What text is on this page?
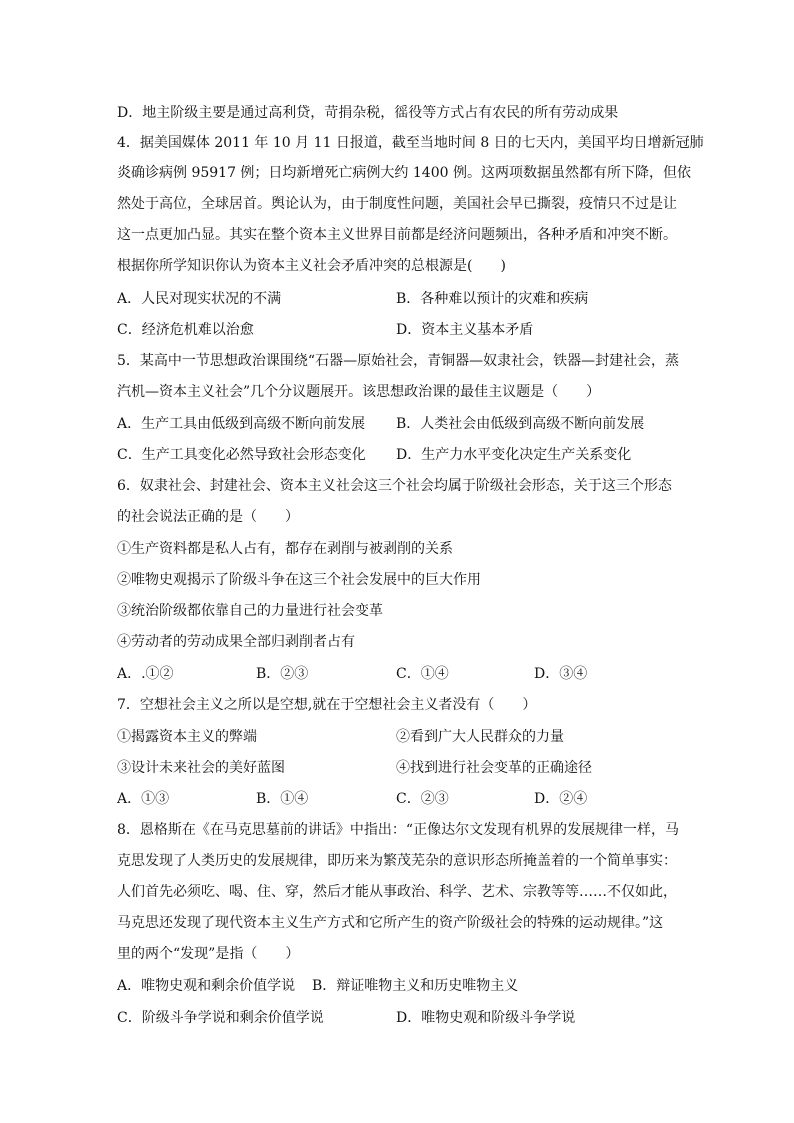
D．地主阶级主要是通过高利贷，苛捐杂税，徭役等方式占有农民的所有劳动成果
4．据美国媒体 2011 年 10 月 11 日报道，截至当地时间 8 日的七天内，美国平均日增新冠肺
炎确诊病例 95917 例；日均新增死亡病例大约 1400 例。这两项数据虽然都有所下降，但依
然处于高位，全球居首。舆论认为，由于制度性问题，美国社会早已撕裂，疫情只不过是让
这一点更加凸显。其实在整个资本主义世界目前都是经济问题频出，各种矛盾和冲突不断。
根据你所学知识你认为资本主义社会矛盾冲突的总根源是(　　)
A．人民对现实状况的不满	B．各种难以预计的灾难和疾病
C．经济危机难以治愈	D．资本主义基本矛盾
5．某高中一节思想政治课围绕“石器—原始社会，青铜器—奴隶社会，铁器—封建社会，蒸
汽机—资本主义社会”几个分议题展开。该思想政治课的最佳主议题是（　　）
A．生产工具由低级到高级不断向前发展 B．人类社会由低级到高级不断向前发展
C．生产工具变化必然导致社会形态变化 D．生产力水平变化决定生产关系变化
6．奴隶社会、封建社会、资本主义社会这三个社会均属于阶级社会形态，关于这三个形态
的社会说法正确的是（　　）
①生产资料都是私人占有，都存在剥削与被剥削的关系
②唯物史观揭示了阶级斗争在这三个社会发展中的巨大作用
③统治阶级都依靠自己的力量进行社会变革
④劳动者的劳动成果全部归剥削者占有
A．.①②	B．②③	C．①④	D．③④
7．空想社会主义之所以是空想,就在于空想社会主义者没有（　　）
①揭露资本主义的弊端	②看到广大人民群众的力量
③设计未来社会的美好蓝图	④找到进行社会变革的正确途径
A．①③	B．①④	C．②③	D．②④
8．恩格斯在《在马克思墓前的讲话》中指出：“正像达尔文发现有机界的发展规律一样，马
克思发现了人类历史的发展规律，即历来为繁茂芜杂的意识形态所掩盖着的一个简单事实：
人们首先必须吃、喝、住、穿，然后才能从事政治、科学、艺术、宗教等等……不仅如此，
马克思还发现了现代资本主义生产方式和它所产生的资产阶级社会的特殊的运动规律。”这
里的两个“发现”是指（　　）
A．唯物史观和剩余价值学说 B．辩证唯物主义和历史唯物主义
C．阶级斗争学说和剩余价值学说	D．唯物史观和阶级斗争学说
